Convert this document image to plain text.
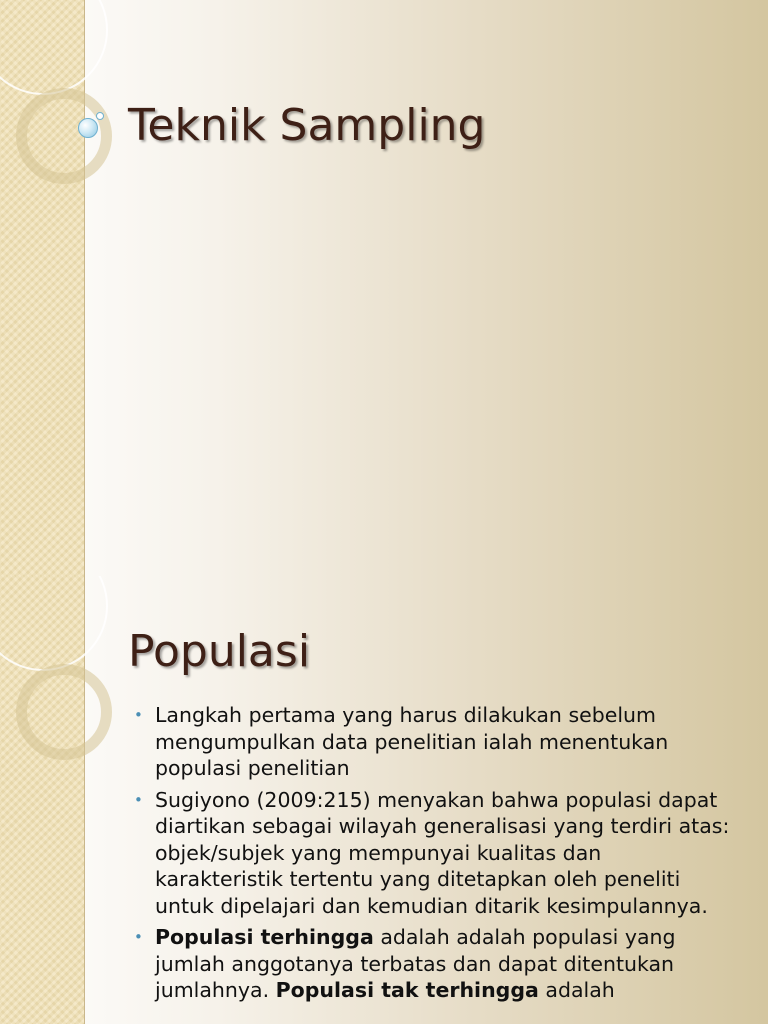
Teknik Sampling
Populasi
• Langkah pertama yang harus dilakukan sebelum mengumpulkan data penelitian ialah menentukan populasi penelitian
• Sugiyono (2009:215) menyakan bahwa populasi dapat diartikan sebagai wilayah generalisasi yang terdiri atas: objek/subjek yang mempunyai kualitas dan karakteristik tertentu yang ditetapkan oleh peneliti untuk dipelajari dan kemudian ditarik kesimpulannya.
• Populasi terhingga adalah adalah populasi yang jumlah anggotanya terbatas dan dapat ditentukan jumlahnya. Populasi tak terhingga adalah
